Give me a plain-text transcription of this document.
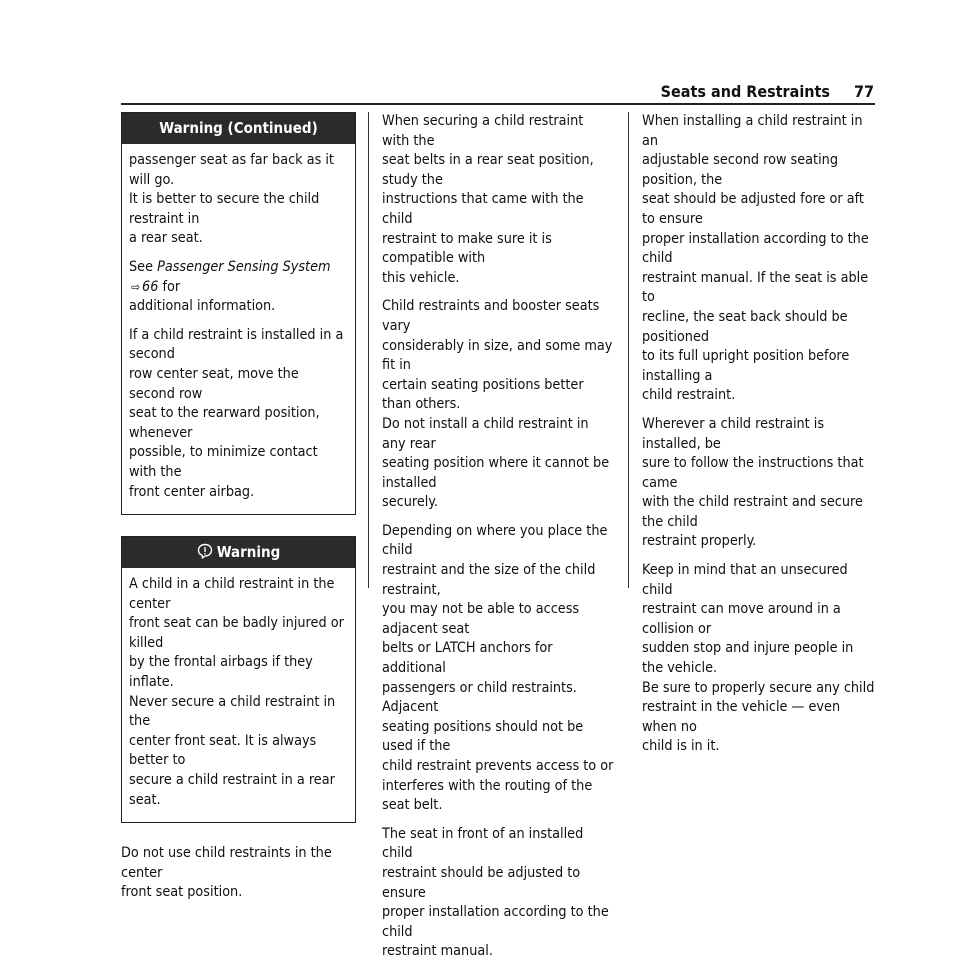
Seats and Restraints 77
Warning (Continued)

passenger seat as far back as it will go.
It is better to secure the child restraint in
a rear seat.

See Passenger Sensing System ⇨ 66 for
additional information.

If a child restraint is installed in a second
row center seat, move the second row
seat to the rearward position, whenever
possible, to minimize contact with the
front center airbag.

Warning

A child in a child restraint in the center
front seat can be badly injured or killed
by the frontal airbags if they inflate.
Never secure a child restraint in the
center front seat. It is always better to
secure a child restraint in a rear seat.

Do not use child restraints in the center
front seat position.

When securing a child restraint with the
seat belts in a rear seat position, study the
instructions that came with the child
restraint to make sure it is compatible with
this vehicle.

Child restraints and booster seats vary
considerably in size, and some may fit in
certain seating positions better than others.
Do not install a child restraint in any rear
seating position where it cannot be installed
securely.

Depending on where you place the child
restraint and the size of the child restraint,
you may not be able to access adjacent seat
belts or LATCH anchors for additional
passengers or child restraints. Adjacent
seating positions should not be used if the
child restraint prevents access to or
interferes with the routing of the seat belt.

The seat in front of an installed child
restraint should be adjusted to ensure
proper installation according to the child
restraint manual.

When installing a child restraint in an
adjustable second row seating position, the
seat should be adjusted fore or aft to ensure
proper installation according to the child
restraint manual. If the seat is able to
recline, the seat back should be positioned
to its full upright position before installing a
child restraint.

Wherever a child restraint is installed, be
sure to follow the instructions that came
with the child restraint and secure the child
restraint properly.

Keep in mind that an unsecured child
restraint can move around in a collision or
sudden stop and injure people in the vehicle.
Be sure to properly secure any child
restraint in the vehicle — even when no
child is in it.
